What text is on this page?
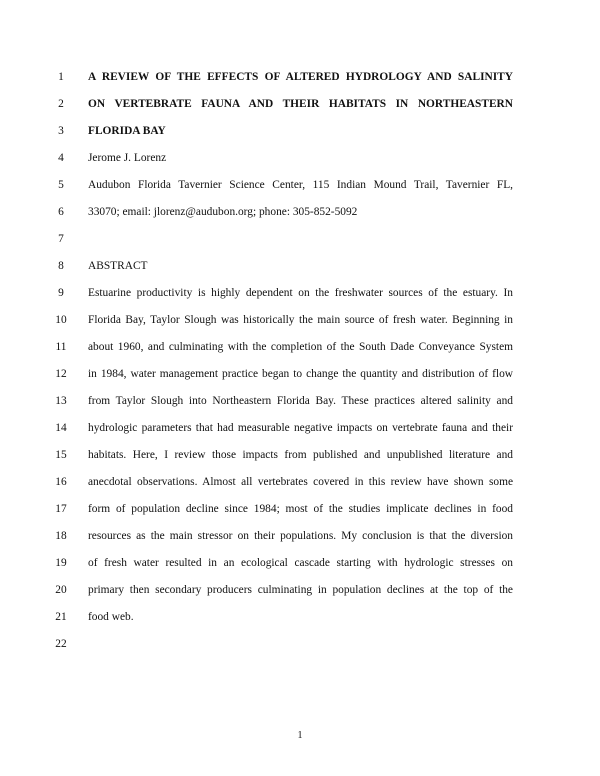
1	A REVIEW OF THE EFFECTS OF ALTERED HYDROLOGY AND SALINITY
2	ON VERTEBRATE FAUNA AND THEIR HABITATS IN NORTHEASTERN
3	FLORIDA BAY
4	Jerome J. Lorenz
5	Audubon Florida Tavernier Science Center, 115 Indian Mound Trail, Tavernier FL,
6	33070; email: jlorenz@audubon.org; phone: 305-852-5092
7
8	ABSTRACT
9	Estuarine productivity is highly dependent on the freshwater sources of the estuary. In
10	Florida Bay, Taylor Slough was historically the main source of fresh water. Beginning in
11	about 1960, and culminating with the completion of the South Dade Conveyance System
12	in 1984, water management practice began to change the quantity and distribution of flow
13	from Taylor Slough into Northeastern Florida Bay. These practices altered salinity and
14	hydrologic parameters that had measurable negative impacts on vertebrate fauna and their
15	habitats. Here, I review those impacts from published and unpublished literature and
16	anecdotal observations. Almost all vertebrates covered in this review have shown some
17	form of population decline since 1984; most of the studies implicate declines in food
18	resources as the main stressor on their populations. My conclusion is that the diversion
19	of fresh water resulted in an ecological cascade starting with hydrologic stresses on
20	primary then secondary producers culminating in population declines at the top of the
21	food web.
22
1
